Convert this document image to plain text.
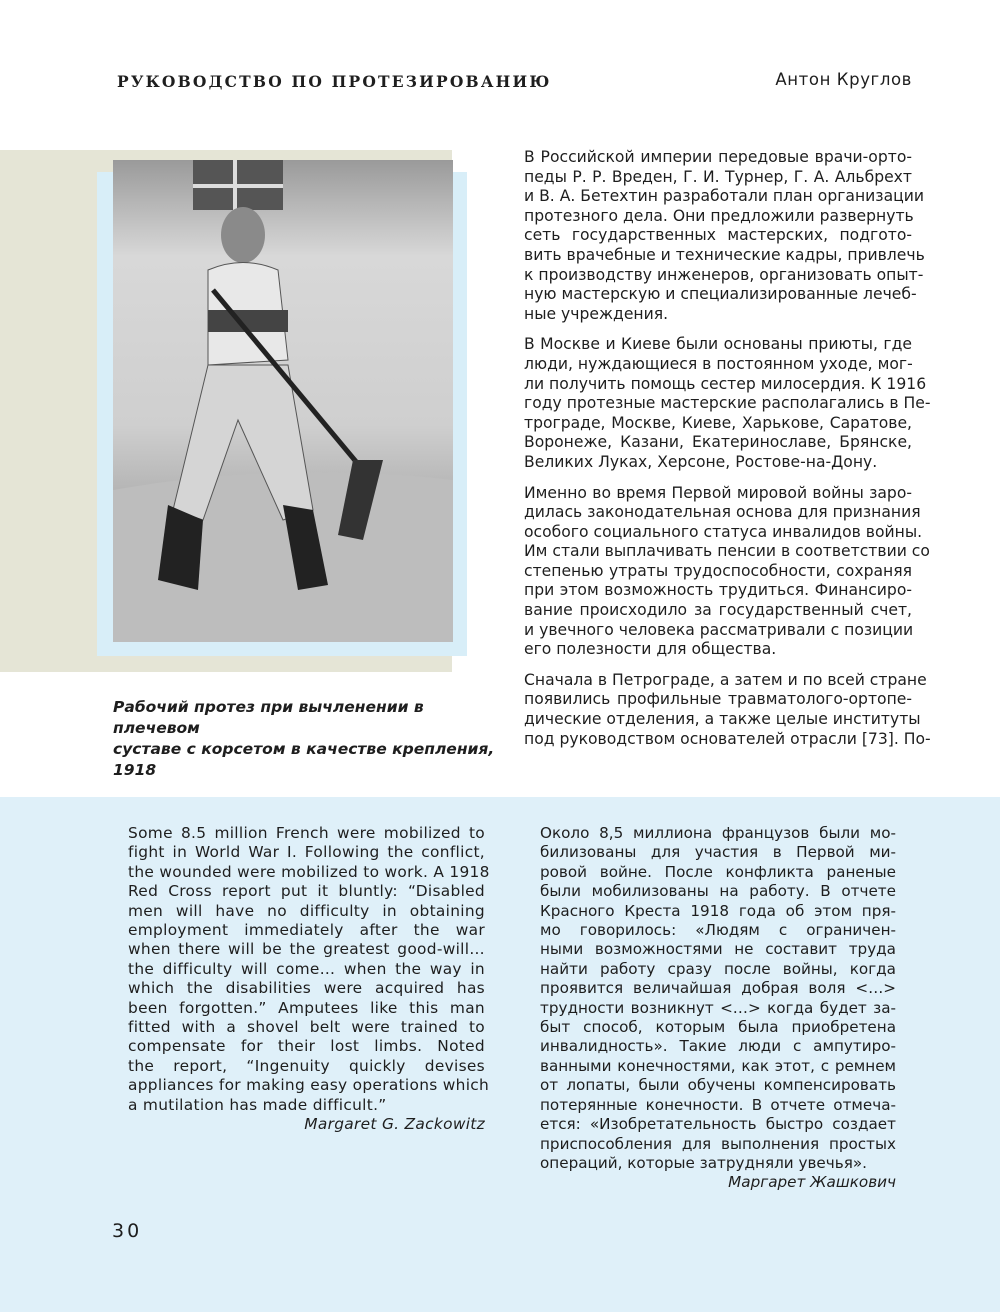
РУКОВОДСТВО ПО ПРОТЕЗИРОВАНИЮ	Антон Круглов
Рабочий протез при вычленении в плечевом
суставе с корсетом в качестве крепления,
1918
В Российской империи передовые врачи-орто-
педы Р. Р. Вреден, Г. И. Турнер, Г. А. Альбрехт
и В. А. Бетехтин разработали план организации
протезного дела. Они предложили развернуть
сеть государственных мастерских, подгото-
вить врачебные и технические кадры, привлечь
к производству инженеров, организовать опыт-
ную мастерскую и специализированные лечеб-
ные учреждения.
В Москве и Киеве были основаны приюты, где
люди, нуждающиеся в постоянном уходе, мог-
ли получить помощь сестер милосердия. К 1916
году протезные мастерские располагались в Пе-
трограде, Москве, Киеве, Харькове, Саратове,
Воронеже, Казани, Екатеринославе, Брянске,
Великих Луках, Херсоне, Ростове-на-Дону.
Именно во время Первой мировой войны заро-
дилась законодательная основа для признания
особого социального статуса инвалидов войны.
Им стали выплачивать пенсии в соответствии со
степенью утраты трудоспособности, сохраняя
при этом возможность трудиться. Финансиро-
вание происходило за государственный счет,
и увечного человека рассматривали с позиции
его полезности для общества.
Сначала в Петрограде, а затем и по всей стране
появились профильные травматолого-ортопе-
дические отделения, а также целые институты
под руководством основателей отрасли [73]. По-
Some 8.5 million French were mobilized to
fight in World War I. Following the conflict,
the wounded were mobilized to work. A 1918
Red Cross report put it bluntly: “Disabled
men will have no difficulty in obtaining
employment immediately after the war
when there will be the greatest good-will…
the difficulty will come… when the way in
which the disabilities were acquired has
been forgotten.” Amputees like this man
fitted with a shovel belt were trained to
compensate for their lost limbs. Noted
the report, “Ingenuity quickly devises
appliances for making easy operations which
a mutilation has made difficult.”
Margaret G. Zackowitz
Около 8,5 миллиона французов были мо-
билизованы для участия в Первой ми-
ровой войне. После конфликта раненые
были мобилизованы на работу. В отчете
Красного Креста 1918 года об этом пря-
мо говорилось: «Людям с ограничен-
ными возможностями не составит труда
найти работу сразу после войны, когда
проявится величайшая добрая воля <…>
трудности возникнут <…> когда будет за-
быт способ, которым была приобретена
инвалидность». Такие люди с ампутиро-
ванными конечностями, как этот, с ремнем
от лопаты, были обучены компенсировать
потерянные конечности. В отчете отмеча-
ется: «Изобретательность быстро создает
приспособления для выполнения простых
операций, которые затрудняли увечья».
Маргарет Жашкович
30
